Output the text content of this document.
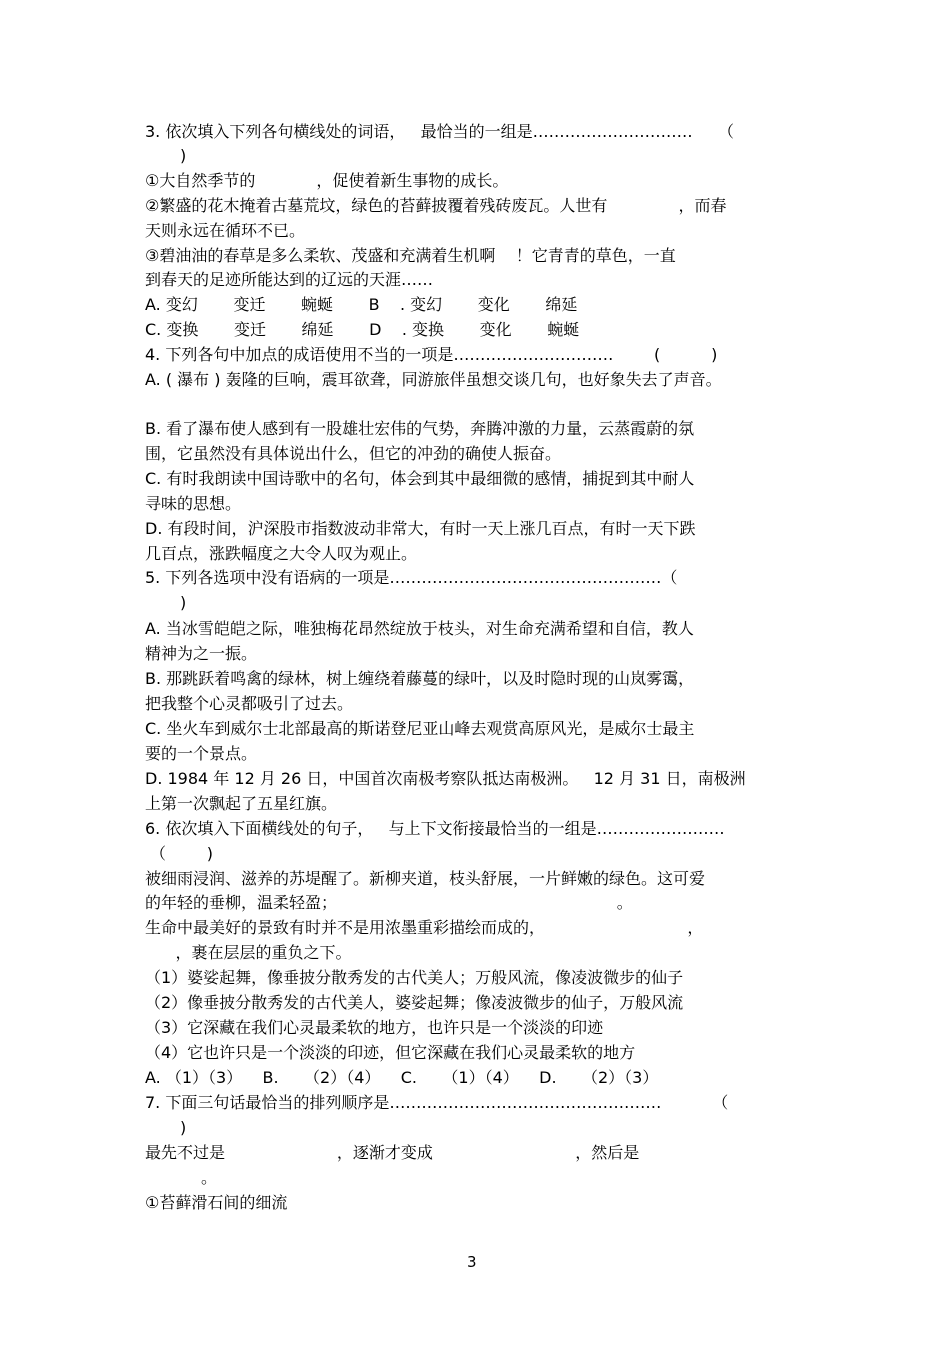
3. 依次填入下列各句横线处的词语，   最恰当的一组是…………………………     （
)
①大自然季节的            ，促使着新生事物的成长。
②繁盛的花木掩着古墓荒坟，绿色的苔藓披覆着残砖废瓦。人世有              ，而春
天则永远在循环不已。
③碧油油的春草是多么柔软、茂盛和充满着生机啊    ！它青青的草色，一直
到春天的足迹所能达到的辽远的天涯……
A. 变幻       变迁       蜿蜒       B    . 变幻       变化       绵延
C. 变换       变迁       绵延       D    . 变换       变化       蜿蜒
4. 下列各句中加点的成语使用不当的一项是…………………………        (          )
A. ( 瀑布 ) 轰隆的巨响，震耳欲聋，同游旅伴虽想交谈几句，也好象失去了声音。
B. 看了瀑布使人感到有一股雄壮宏伟的气势，奔腾冲激的力量，云蒸霞蔚的氛
围，它虽然没有具体说出什么，但它的冲劲的确使人振奋。
C. 有时我朗读中国诗歌中的名句，体会到其中最细微的感情，捕捉到其中耐人
寻味的思想。
D. 有段时间，沪深股市指数波动非常大，有时一天上涨几百点，有时一天下跌
几百点，涨跌幅度之大令人叹为观止。
5. 下列各选项中没有语病的一项是……………………………………………（
)
A. 当冰雪皑皑之际，唯独梅花昂然绽放于枝头，对生命充满希望和自信，教人
精神为之一振。
B. 那跳跃着鸣禽的绿林，树上缠绕着藤蔓的绿叶，以及时隐时现的山岚雾霭，
把我整个心灵都吸引了过去。
C. 坐火车到威尔士北部最高的斯诺登尼亚山峰去观赏高原风光，是威尔士最主
要的一个景点。
D. 1984 年 12 月 26 日，中国首次南极考察队抵达南极洲。   12 月 31 日，南极洲
上第一次飘起了五星红旗。
6. 依次填入下面横线处的句子，   与上下文衔接最恰当的一组是……………………
（        )
被细雨浸润、滋养的苏堤醒了。新柳夹道，枝头舒展，一片鲜嫩的绿色。这可爱
的年轻的垂柳，温柔轻盈；                                                       。
生命中最美好的景致有时并不是用浓墨重彩描绘而成的，                            ，
，裹在层层的重负之下。
（1）婆娑起舞，像垂披分散秀发的古代美人；万般风流，像凌波微步的仙子
（2）像垂披分散秀发的古代美人，婆娑起舞；像凌波微步的仙子，万般风流
（3）它深藏在我们心灵最柔软的地方，也许只是一个淡淡的印迹
（4）它也许只是一个淡淡的印迹，但它深藏在我们心灵最柔软的地方
A. （1）（3）    B.     （2）（4）    C.     （1）（4）    D.     （2）（3）
7. 下面三句话最恰当的排列顺序是……………………………………………          （
)
最先不过是                      ，逐渐才变成                            ，然后是
。
①苔藓滑石间的细流
3
